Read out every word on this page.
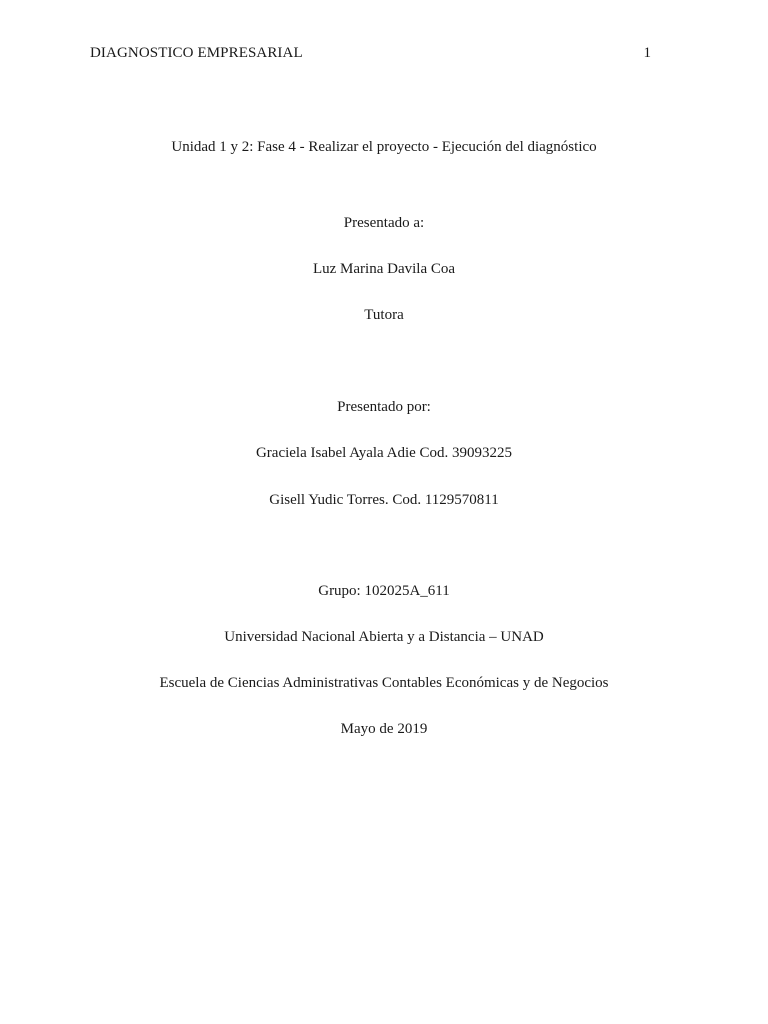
DIAGNOSTICO EMPRESARIAL	1
Unidad 1 y 2: Fase 4 - Realizar el proyecto - Ejecución del diagnóstico
Presentado a:
Luz Marina Davila Coa
Tutora
Presentado por:
Graciela Isabel Ayala Adie Cod. 39093225
Gisell Yudic Torres. Cod. 1129570811
Grupo: 102025A_611
Universidad Nacional Abierta y a Distancia – UNAD
Escuela de Ciencias Administrativas Contables Económicas y de Negocios
Mayo de 2019
